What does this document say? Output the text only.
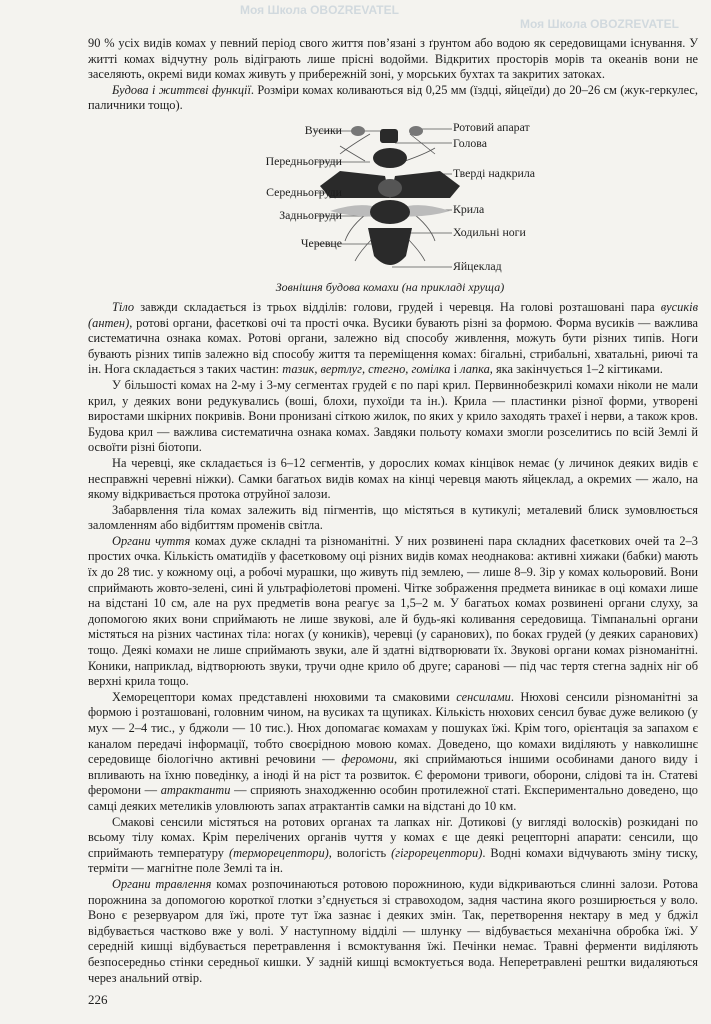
Моя Школа OBOZREVATEL
Моя Школа OBOZREVATEL

90 % усіх видів комах у певний період свого життя пов’язані з ґрунтом або водою як середовищами існування. У житті комах відчутну роль відіграють лише прісні водойми. Відкритих просторів морів та океанів вони не заселяють, окремі види комах живуть у прибережній зоні, у морських бухтах та закритих затоках.

Будова і життєві функції. Розміри комах коливаються від 0,25 мм (їздці, яйцеїди) до 20–26 см (жук-геркулес, паличники тощо).

Вусики
Передньогруди
Середньогруди
Задньогруди
Черевце
Ротовий апарат
Голова
Тверді надкрила
Крила
Ходильні ноги
Яйцеклад
Зовнішня будова комахи (на прикладі хруща)

Тіло завжди складається із трьох відділів: голови, грудей і черевця. На голові розташовані пара вусиків (антен), ротові органи, фасеткові очі та прості очка. Вусики бувають різні за формою. Форма вусиків — важлива систематична ознака комах. Ротові органи, залежно від способу живлення, можуть бути різних типів. Ноги бувають різних типів залежно від способу життя та переміщення комах: бігальні, стрибальні, хватальні, риючі та ін. Нога складається з таких частин: тазик, вертлуг, стегно, гомілка і лапка, яка закінчується 1–2 кігтиками.

У більшості комах на 2-му і 3-му сегментах грудей є по парі крил. Первиннобезкрилі комахи ніколи не мали крил, у деяких вони редукувались (воші, блохи, пухоїди та ін.). Крила — пластинки різної форми, утворені виростами шкірних покривів. Вони пронизані сіткою жилок, по яких у крило заходять трахеї і нерви, а також кров. Будова крил — важлива систематична ознака комах. Завдяки польоту комахи змогли розселитись по всій Землі й освоїти різні біотопи.

На черевці, яке складається із 6–12 сегментів, у дорослих комах кінцівок немає (у личинок деяких видів є несправжні черевні ніжки). Самки багатьох видів комах на кінці черевця мають яйцеклад, а окремих — жало, на якому відкривається протока отруйної залози.

Забарвлення тіла комах залежить від пігментів, що містяться в кутикулі; металевий блиск зумовлюється заломленням або відбиттям променів світла.

Органи чуття комах дуже складні та різноманітні. У них розвинені пара складних фасеткових очей та 2–3 простих очка. Кількість оматидіїв у фасетковому оці різних видів комах неоднакова: активні хижаки (бабки) мають їх до 28 тис. у кожному оці, а робочі мурашки, що живуть під землею, — лише 8–9. Зір у комах кольоровий. Вони сприймають жовто-зелені, сині й ультрафіолетові промені. Чітке зображення предмета виникає в оці комахи лише на відстані 10 см, але на рух предметів вона реагує за 1,5–2 м. У багатьох комах розвинені органи слуху, за допомогою яких вони сприймають не лише звукові, але й будь-які коливання середовища. Тімпанальні органи містяться на різних частинах тіла: ногах (у коників), черевці (у саранових), по боках грудей (у деяких саранових) тощо. Деякі комахи не лише сприймають звуки, але й здатні відтворювати їх. Звукові органи комах різноманітні. Коники, наприклад, відтворюють звуки, тручи одне крило об друге; саранові — під час тертя стегна задніх ніг об верхні крила тощо.

Хеморецептори комах представлені нюховими та смаковими сенсилами. Нюхові сенсили різноманітні за формою і розташовані, головним чином, на вусиках та щупиках. Кількість нюхових сенсил буває дуже великою (у мух — 2–4 тис., у бджоли — 10 тис.). Нюх допомагає комахам у пошуках їжі. Крім того, орієнтація за запахом є каналом передачі інформації, тобто своєрідною мовою комах. Доведено, що комахи виділяють у навколишнє середовище біологічно активні речовини — феромони, які сприймаються іншими особинами даного виду і впливають на їхню поведінку, а іноді й на ріст та розвиток. Є феромони тривоги, оборони, слідові та ін. Статеві феромони — атрактанти — сприяють знаходженню особин протилежної статі. Експериментально доведено, що самці деяких метеликів уловлюють запах атрактантів самки на відстані до 10 км.

Смакові сенсили містяться на ротових органах та лапках ніг. Дотикові (у вигляді волосків) розкидані по всьому тілу комах. Крім перелічених органів чуття у комах є ще деякі рецепторні апарати: сенсили, що сприймають температуру (терморецептори), вологість (гігрорецептори). Водні комахи відчувають зміну тиску, терміти — магнітне поле Землі та ін.

Органи травлення комах розпочинаються ротовою порожниною, куди відкриваються слинні залози. Ротова порожнина за допомогою короткої глотки з’єднується зі стравоходом, задня частина якого розширюється у воло. Воно є резервуаром для їжі, проте тут їжа зазнає і деяких змін. Так, перетворення нектару в мед у бджіл відбувається частково вже у волі. У наступному відділі — шлунку — відбувається механічна обробка їжі. У середній кишці відбувається перетравлення і всмоктування їжі. Печінки немає. Травні ферменти виділяють безпосередньо стінки середньої кишки. У задній кишці всмоктується вода. Неперетравлені рештки видаляються через анальний отвір.

226
